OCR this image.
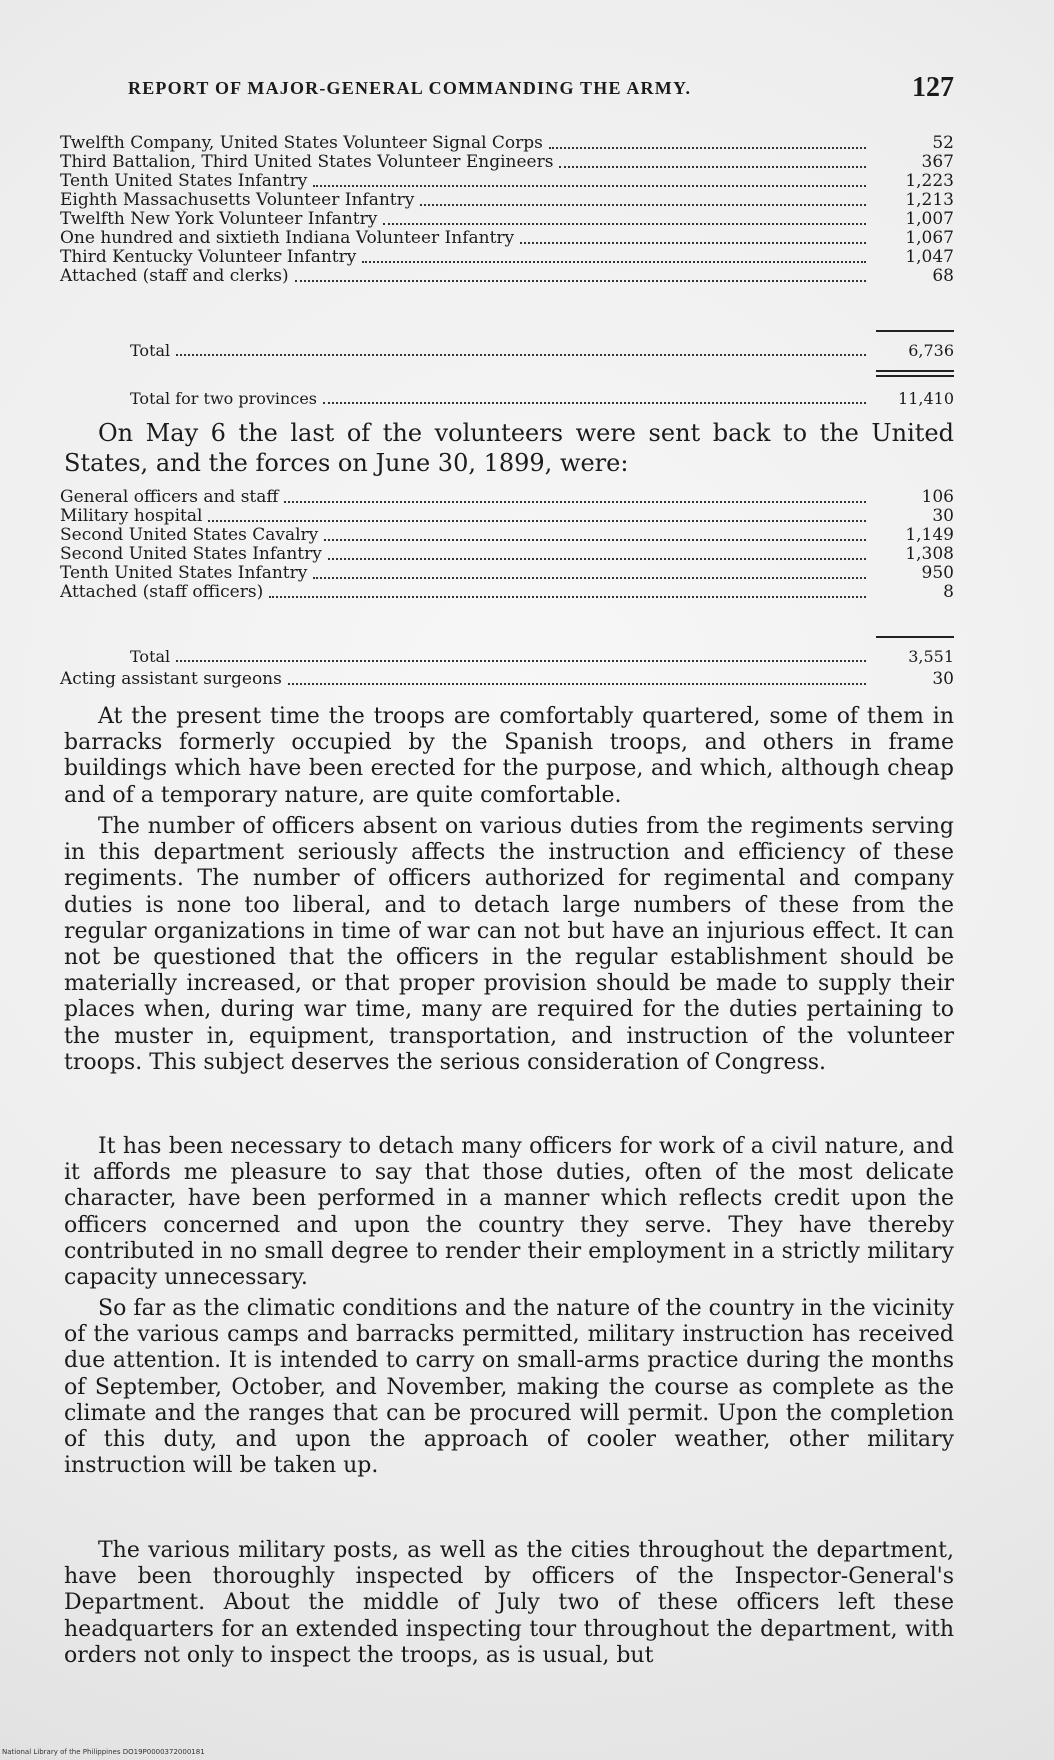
REPORT OF MAJOR-GENERAL COMMANDING THE ARMY.	127
Twelfth Company, United States Volunteer Signal Corps	52
Third Battalion, Third United States Volunteer Engineers	367
Tenth United States Infantry	1,223
Eighth Massachusetts Volunteer Infantry	1,213
Twelfth New York Volunteer Infantry	1,007
One hundred and sixtieth Indiana Volunteer Infantry	1,067
Third Kentucky Volunteer Infantry	1,047
Attached (staff and clerks)	68
Total	6,736
Total for two provinces	11,410

On May 6 the last of the volunteers were sent back to the United States, and the forces on June 30, 1899, were:

General officers and staff	106
Military hospital	30
Second United States Cavalry	1,149
Second United States Infantry	1,308
Tenth United States Infantry	950
Attached (staff officers)	8
Total	3,551
Acting assistant surgeons	30

At the present time the troops are comfortably quartered, some of them in barracks formerly occupied by the Spanish troops, and others in frame buildings which have been erected for the purpose, and which, although cheap and of a temporary nature, are quite comfortable.

The number of officers absent on various duties from the regiments serving in this department seriously affects the instruction and efficiency of these regiments. The number of officers authorized for regimental and company duties is none too liberal, and to detach large numbers of these from the regular organizations in time of war can not but have an injurious effect. It can not be questioned that the officers in the regular establishment should be materially increased, or that proper provision should be made to supply their places when, during war time, many are required for the duties pertaining to the muster in, equipment, transportation, and instruction of the volunteer troops. This subject deserves the serious consideration of Congress.

It has been necessary to detach many officers for work of a civil nature, and it affords me pleasure to say that those duties, often of the most delicate character, have been performed in a manner which reflects credit upon the officers concerned and upon the country they serve. They have thereby contributed in no small degree to render their employment in a strictly military capacity unnecessary.

So far as the climatic conditions and the nature of the country in the vicinity of the various camps and barracks permitted, military instruction has received due attention. It is intended to carry on small-arms practice during the months of September, October, and November, making the course as complete as the climate and the ranges that can be procured will permit. Upon the completion of this duty, and upon the approach of cooler weather, other military instruction will be taken up.

The various military posts, as well as the cities throughout the department, have been thoroughly inspected by officers of the Inspector-General's Department. About the middle of July two of these officers left these headquarters for an extended inspecting tour throughout the department, with orders not only to inspect the troops, as is usual, but

National Library of the Philippines DO19P0000372000181
